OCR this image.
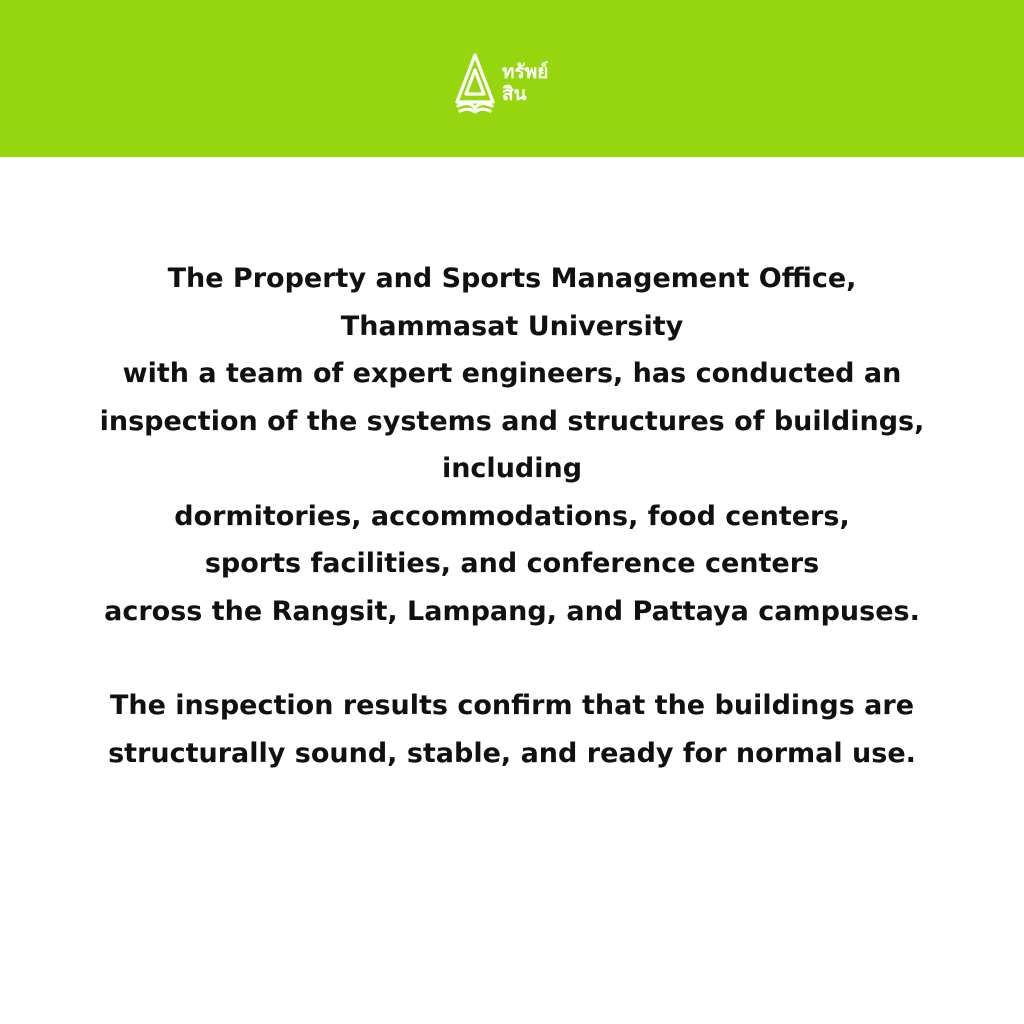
ทรัพย์
สิน

The Property and Sports Management Office,
Thammasat University
with a team of expert engineers, has conducted an
inspection of the systems and structures of buildings,
including
dormitories, accommodations, food centers,
sports facilities, and conference centers
across the Rangsit, Lampang, and Pattaya campuses.

The inspection results confirm that the buildings are
structurally sound, stable, and ready for normal use.
